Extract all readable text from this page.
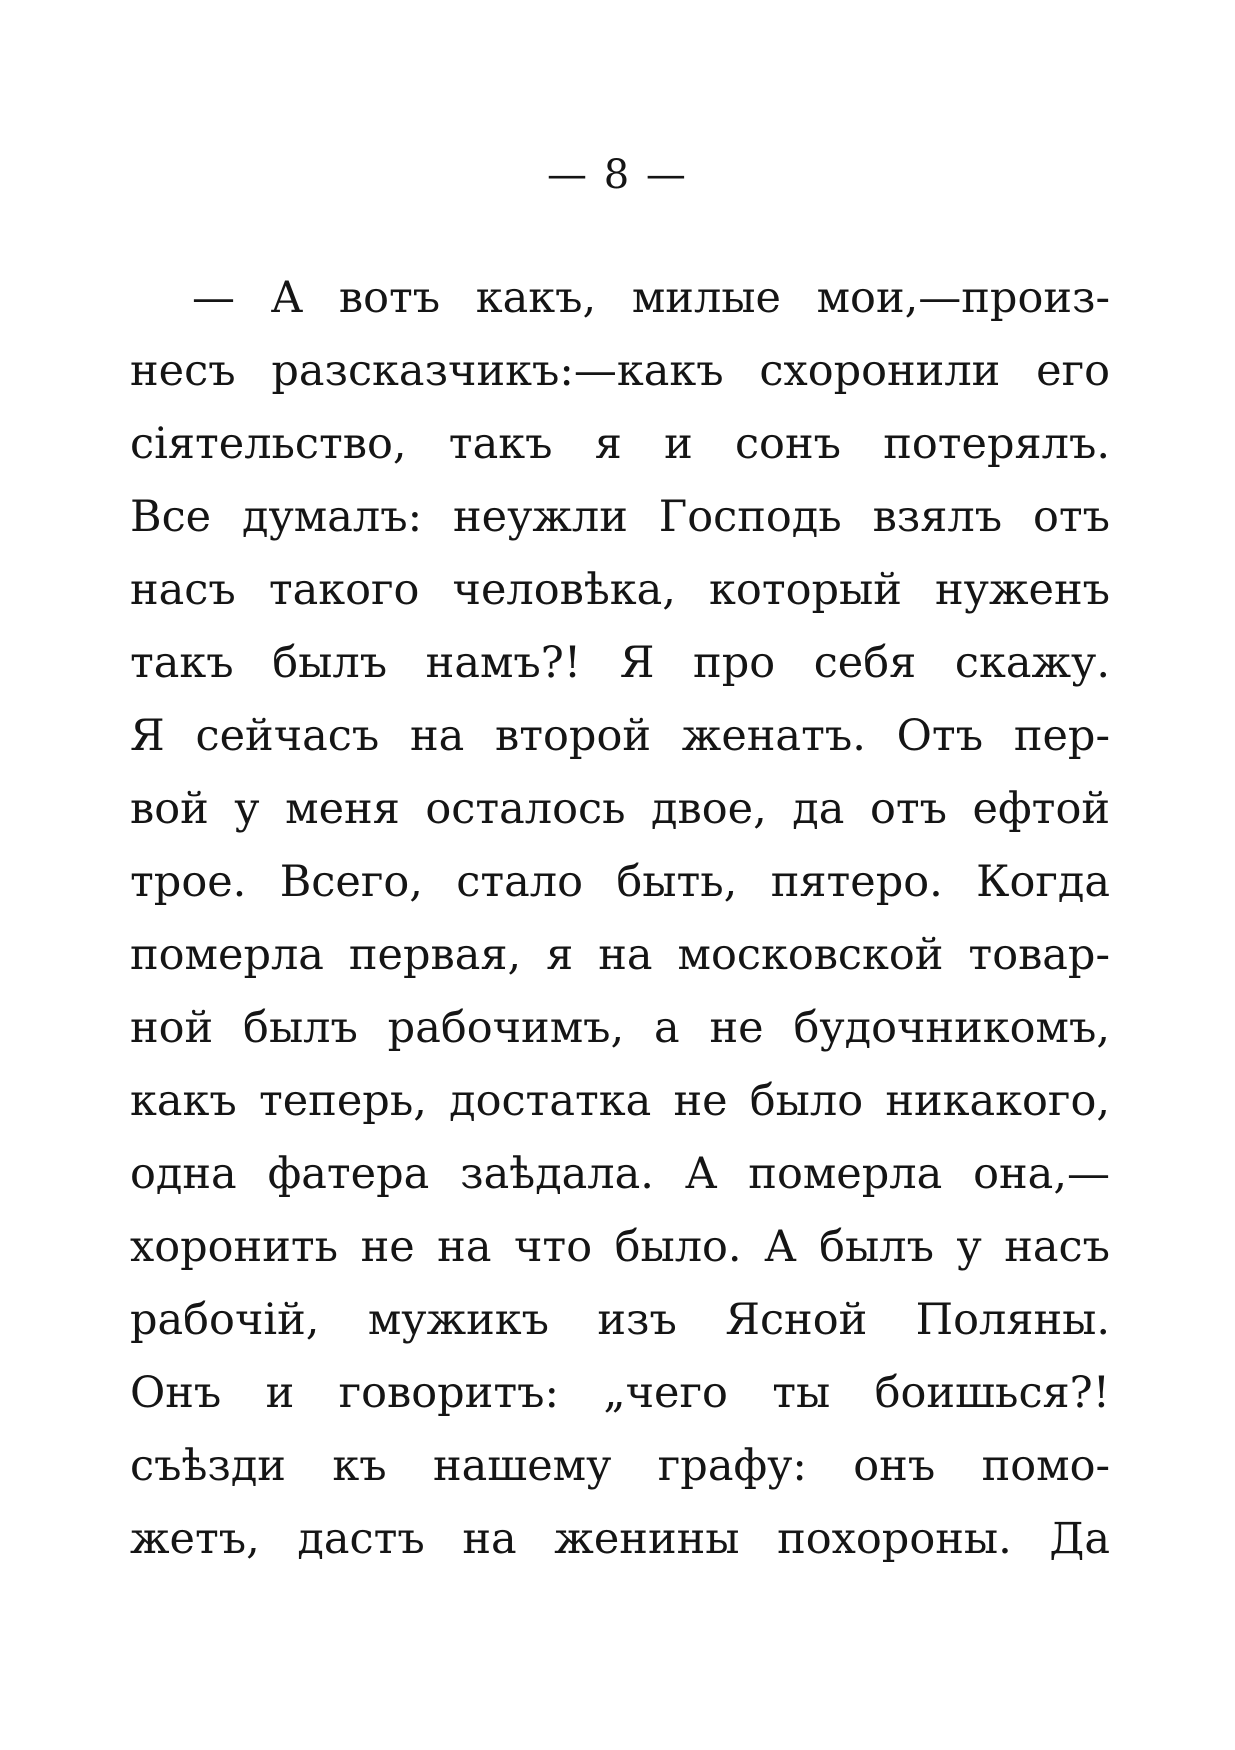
— 8 —
— А вотъ какъ, милые мои,—произ-
несъ разсказчикъ:—какъ схоронили его
сіятельство, такъ я и сонъ потерялъ.
Все думалъ: неужли Господь взялъ отъ
насъ такого человѣка, который нуженъ
такъ былъ намъ?! Я про себя скажу.
Я сейчасъ на второй женатъ. Отъ пер-
вой у меня осталось двое, да отъ ефтой
трое. Всего, стало быть, пятеро. Когда
померла первая, я на московской товар-
ной былъ рабочимъ, а не будочникомъ,
какъ теперь, достатка не было никакого,
одна фатера заѣдала. А померла она,—
хоронить не на что было. А былъ у насъ
рабочій, мужикъ изъ Ясной Поляны.
Онъ и говоритъ: „чего ты боишься?!
съѣзди къ нашему графу: онъ помо-
жетъ, дастъ на женины похороны. Да
